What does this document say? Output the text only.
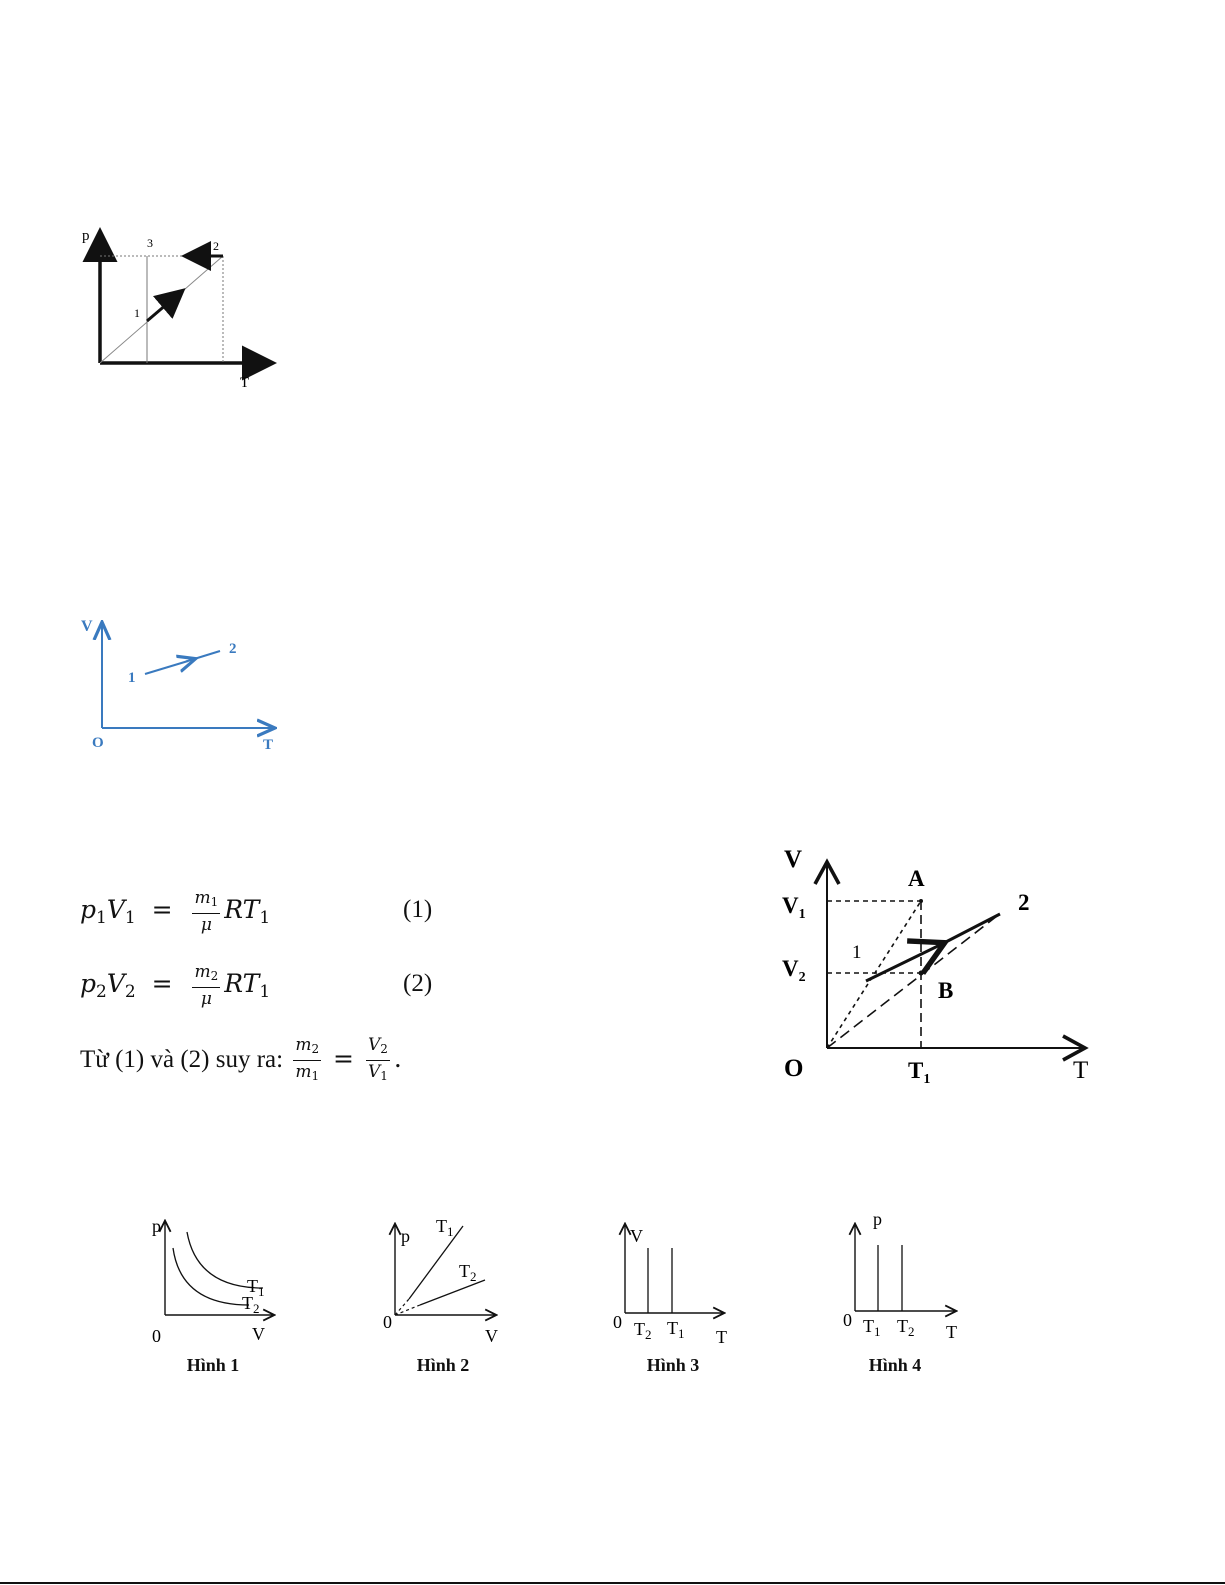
p
T
1
2
3
V
T
O
1
2
$p_1V_1 = \frac{m_1}{\mu} RT_1$	(1)
$p_2V_2 = \frac{m_2}{\mu} RT_1$	(2)
Từ (1) và (2) suy ra: $\frac{m_2}{m_1} = \frac{V_2}{V_1}$ .
V
T
O
A
B
1
2
$V_1$
$V_2$
$T_1$
p
V
0
$T_1$
$T_2$
Hình 1
p
V
0
$T_1$
$T_2$
Hình 2
V
T
0 $T_2$ $T_1$
Hình 3
p
T
0 $T_1$ $T_2$
Hình 4
